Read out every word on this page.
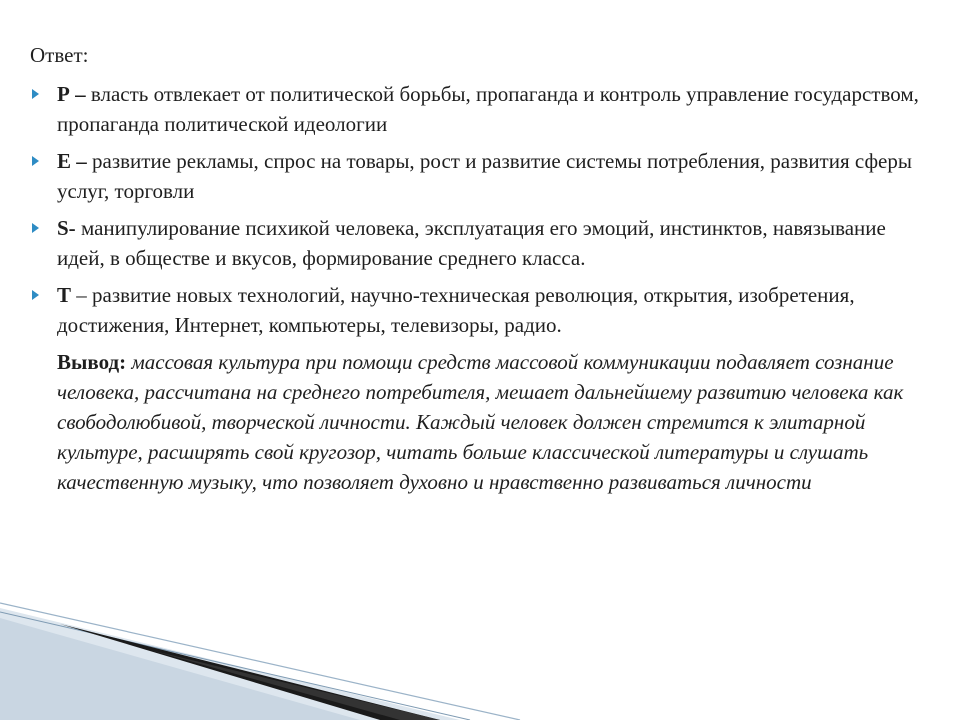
Ответ:
Р – власть отвлекает от политической борьбы, пропаганда и контроль управление государством, пропаганда политической идеологии
Е – развитие рекламы, спрос на товары, рост и развитие системы потребления, развития сферы услуг, торговли
S- манипулирование психикой человека, эксплуатация его эмоций, инстинктов, навязывание идей, в обществе и вкусов, формирование среднего класса.
Т – развитие новых технологий, научно-техническая революция, открытия, изобретения, достижения, Интернет, компьютеры, телевизоры, радио.
Вывод: массовая культура при помощи средств массовой коммуникации подавляет сознание человека, рассчитана на среднего потребителя, мешает дальнейшему развитию человека как свободолюбивой, творческой личности. Каждый человек должен стремится к элитарной культуре, расширять свой кругозор, читать больше классической литературы и слушать качественную музыку, что позволяет духовно и нравственно развиваться личности
